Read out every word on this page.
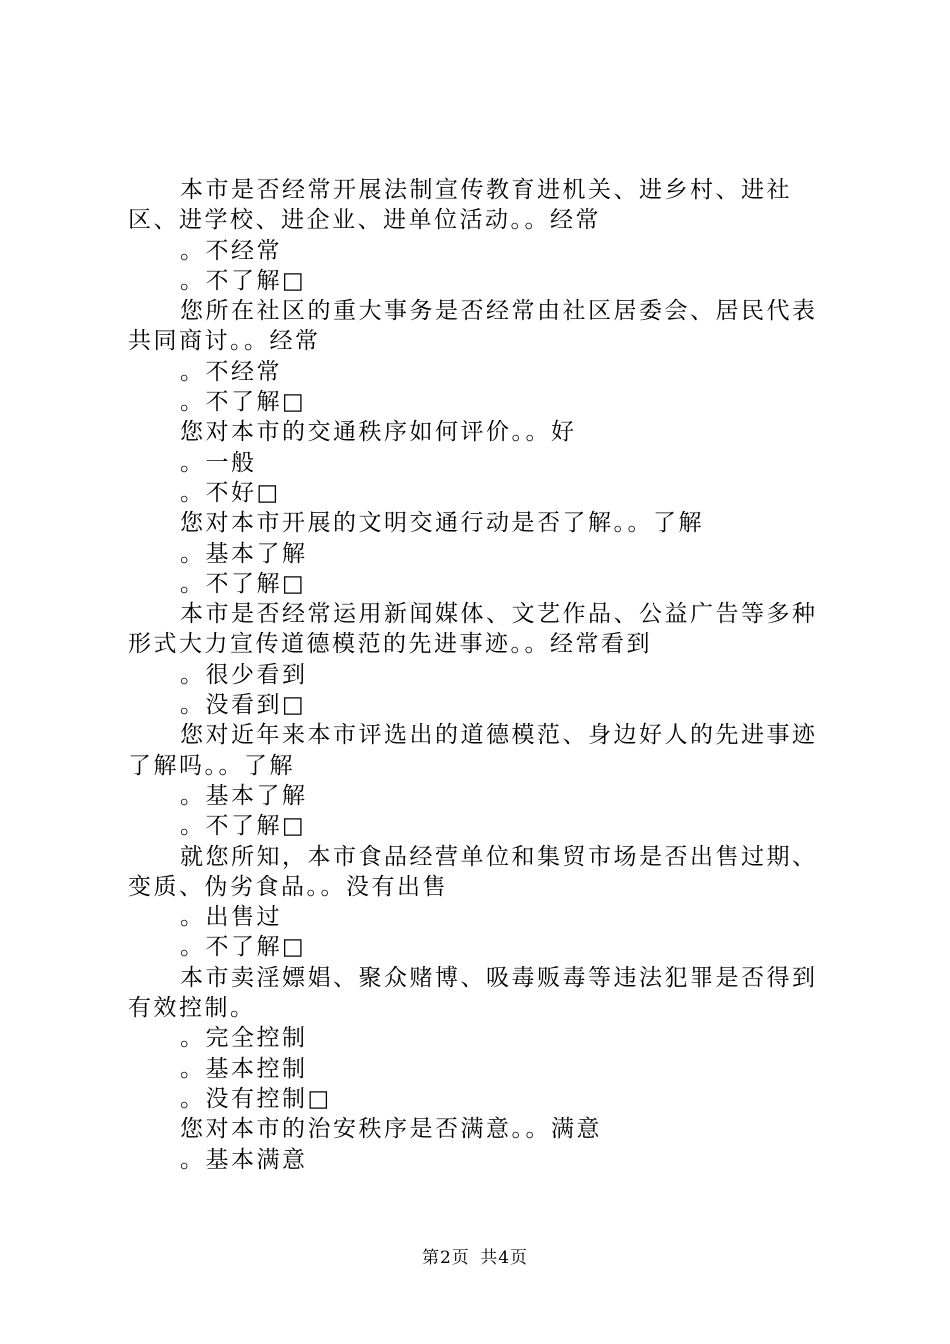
本市是否经常开展法制宣传教育进机关、进乡村、进社区、进学校、进企业、进单位活动。。经常
。不经常
。不了解□
您所在社区的重大事务是否经常由社区居委会、居民代表共同商讨。。经常
。不经常
。不了解□
您对本市的交通秩序如何评价。。好
。一般
。不好□
您对本市开展的文明交通行动是否了解。。了解
。基本了解
。不了解□
本市是否经常运用新闻媒体、文艺作品、公益广告等多种形式大力宣传道德模范的先进事迹。。经常看到
。很少看到
。没看到□
您对近年来本市评选出的道德模范、身边好人的先进事迹了解吗。。了解
。基本了解
。不了解□
就您所知，本市食品经营单位和集贸市场是否出售过期、变质、伪劣食品。。没有出售
。出售过
。不了解□
本市卖淫嫖娼、聚众赌博、吸毒贩毒等违法犯罪是否得到有效控制。
。完全控制
。基本控制
。没有控制□
您对本市的治安秩序是否满意。。满意
。基本满意
第2页 共4页
